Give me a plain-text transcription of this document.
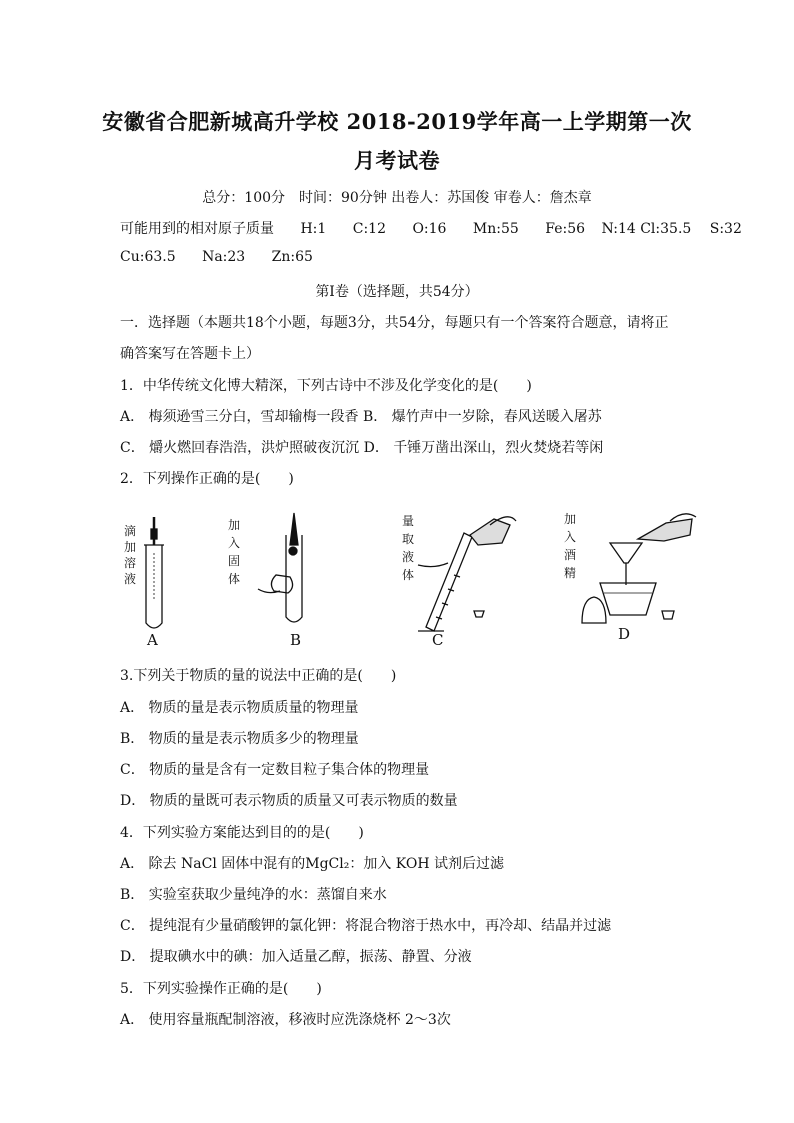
安徽省合肥新城高升学校 2018-2019学年高一上学期第一次
月考试卷
总分：100分　时间：90分钟 出卷人：苏国俊 审卷人：詹杰章
可能用到的相对原子质量 H:1 C:12 O:16 Mn:55 Fe:56 N:14 Cl:35.5 S:32
Cu:63.5 Na:23 Zn:65
第Ⅰ卷（选择题，共54分）
一．选择题（本题共18个小题，每题3分，共54分，每题只有一个答案符合题意，请将正
确答案写在答题卡上）
1．中华传统文化博大精深，下列古诗中不涉及化学变化的是(　　)
A． 梅须逊雪三分白，雪却输梅一段香 B． 爆竹声中一岁除，春风送暖入屠苏
C． 爝火燃回春浩浩，洪炉照破夜沉沉 D． 千锤万凿出深山，烈火焚烧若等闲
2．下列操作正确的是(　　)
滴
加
溶
液
A
加
入
固
体
B
量
取
液
体
C
加
入
酒
精
D
3.下列关于物质的量的说法中正确的是(　　)
A． 物质的量是表示物质质量的物理量
B． 物质的量是表示物质多少的物理量
C． 物质的量是含有一定数目粒子集合体的物理量
D． 物质的量既可表示物质的质量又可表示物质的数量
4．下列实验方案能达到目的的是(　　)
A． 除去 NaCl 固体中混有的MgCl₂：加入 KOH 试剂后过滤
B． 实验室获取少量纯净的水：蒸馏自来水
C． 提纯混有少量硝酸钾的氯化钾：将混合物溶于热水中，再冷却、结晶并过滤
D． 提取碘水中的碘：加入适量乙醇，振荡、静置、分液
5．下列实验操作正确的是(　　)
A． 使用容量瓶配制溶液，移液时应洗涤烧杯 2～3次
